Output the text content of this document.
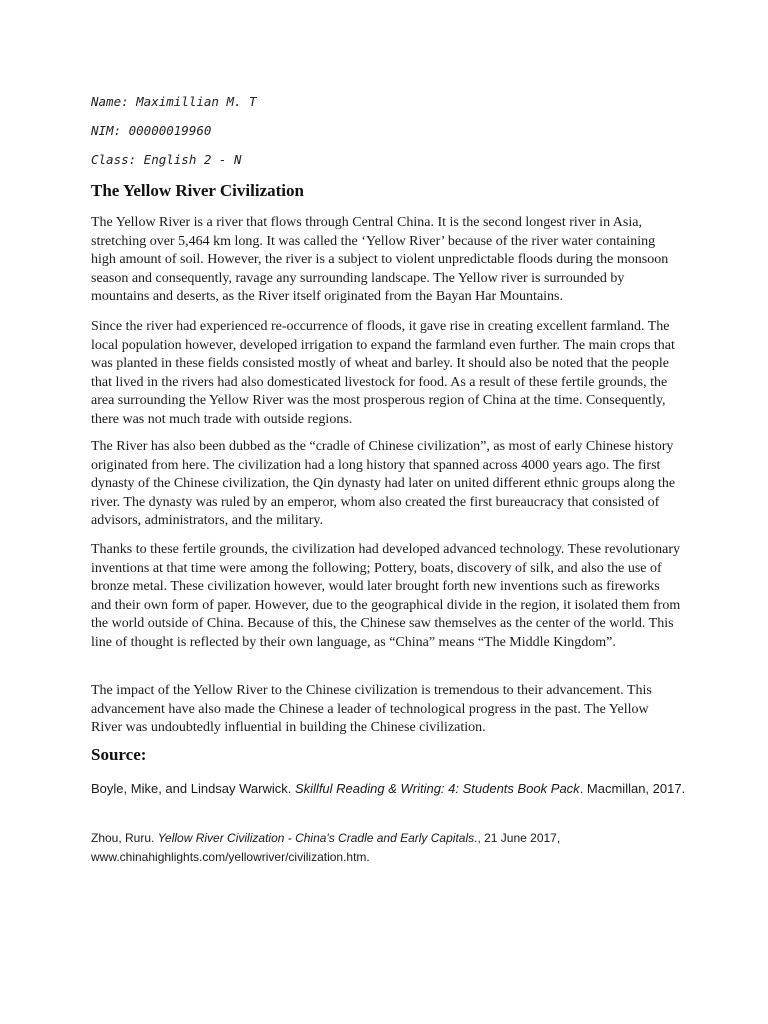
Name: Maximillian M. T
NIM: 00000019960
Class: English 2 - N
The Yellow River Civilization

The Yellow River is a river that flows through Central China. It is the second longest river in Asia, stretching over 5,464 km long. It was called the ‘Yellow River’ because of the river water containing high amount of soil. However, the river is a subject to violent unpredictable floods during the monsoon season and consequently, ravage any surrounding landscape. The Yellow river is surrounded by mountains and deserts, as the River itself originated from the Bayan Har Mountains.

Since the river had experienced re-occurrence of floods, it gave rise in creating excellent farmland. The local population however, developed irrigation to expand the farmland even further. The main crops that was planted in these fields consisted mostly of wheat and barley. It should also be noted that the people that lived in the rivers had also domesticated livestock for food. As a result of these fertile grounds, the area surrounding the Yellow River was the most prosperous region of China at the time. Consequently, there was not much trade with outside regions.

The River has also been dubbed as the “cradle of Chinese civilization”, as most of early Chinese history originated from here. The civilization had a long history that spanned across 4000 years ago. The first dynasty of the Chinese civilization, the Qin dynasty had later on united different ethnic groups along the river. The dynasty was ruled by an emperor, whom also created the first bureaucracy that consisted of advisors, administrators, and the military.

Thanks to these fertile grounds, the civilization had developed advanced technology. These revolutionary inventions at that time were among the following; Pottery, boats, discovery of silk, and also the use of bronze metal. These civilization however, would later brought forth new inventions such as fireworks and their own form of paper. However, due to the geographical divide in the region, it isolated them from the world outside of China. Because of this, the Chinese saw themselves as the center of the world. This line of thought is reflected by their own language, as “China” means “The Middle Kingdom”.

The impact of the Yellow River to the Chinese civilization is tremendous to their advancement. This advancement have also made the Chinese a leader of technological progress in the past. The Yellow River was undoubtedly influential in building the Chinese civilization.

Source:

Boyle, Mike, and Lindsay Warwick. Skillful Reading & Writing: 4: Students Book Pack. Macmillan, 2017.

Zhou, Ruru. Yellow River Civilization - China's Cradle and Early Capitals., 21 June 2017, www.chinahighlights.com/yellowriver/civilization.htm.
